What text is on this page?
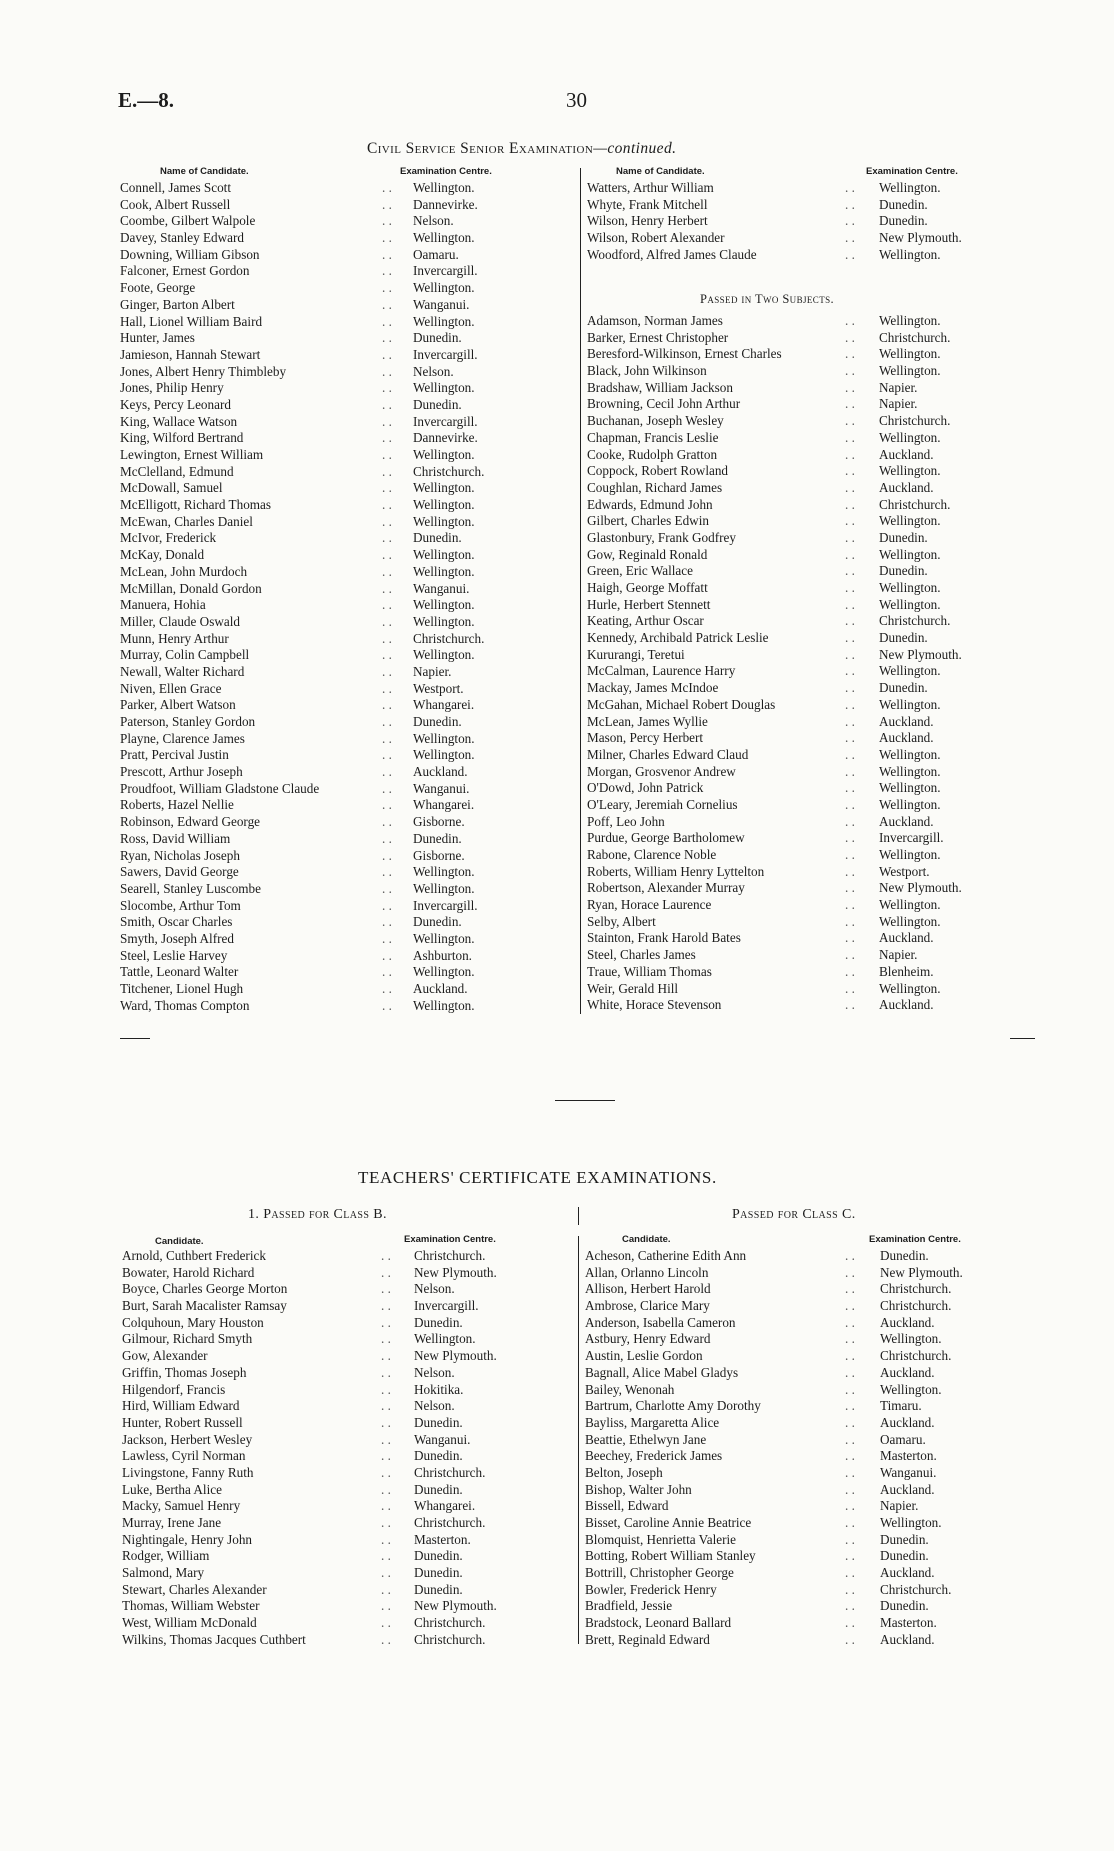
E.—8.	30
Civil Service Senior Examination—continued.
Name of Candidate.	Examination Centre.	Name of Candidate.	Examination Centre.
Connell, James Scott	. . Wellington.
Cook, Albert Russell	. . Dannevirke.
Coombe, Gilbert Walpole	. . Nelson.
Davey, Stanley Edward	. . Wellington.
Downing, William Gibson	. . Oamaru.
Falconer, Ernest Gordon	. . Invercargill.
Foote, George	. . Wellington.
Ginger, Barton Albert	. . Wanganui.
Hall, Lionel William Baird	. . Wellington.
Hunter, James	. . Dunedin.
Jamieson, Hannah Stewart	. . Invercargill.
Jones, Albert Henry Thimbleby	. . Nelson.
Jones, Philip Henry	. . Wellington.
Keys, Percy Leonard	. . Dunedin.
King, Wallace Watson	. . Invercargill.
King, Wilford Bertrand	. . Dannevirke.
Lewington, Ernest William	. . Wellington.
McClelland, Edmund	. . Christchurch.
McDowall, Samuel	. . Wellington.
McElligott, Richard Thomas	. . Wellington.
McEwan, Charles Daniel	. . Wellington.
McIvor, Frederick	. . Dunedin.
McKay, Donald	. . Wellington.
McLean, John Murdoch	. . Wellington.
McMillan, Donald Gordon	. . Wanganui.
Manuera, Hohia	. . Wellington.
Miller, Claude Oswald	. . Wellington.
Munn, Henry Arthur	. . Christchurch.
Murray, Colin Campbell	. . Wellington.
Newall, Walter Richard	. . Napier.
Niven, Ellen Grace	. . Westport.
Parker, Albert Watson	. . Whangarei.
Paterson, Stanley Gordon	. . Dunedin.
Playne, Clarence James	. . Wellington.
Pratt, Percival Justin	. . Wellington.
Prescott, Arthur Joseph	. . Auckland.
Proudfoot, William Gladstone Claude	. . Wanganui.
Roberts, Hazel Nellie	. . Whangarei.
Robinson, Edward George	. . Gisborne.
Ross, David William	. . Dunedin.
Ryan, Nicholas Joseph	. . Gisborne.
Sawers, David George	. . Wellington.
Searell, Stanley Luscombe	. . Wellington.
Slocombe, Arthur Tom	. . Invercargill.
Smith, Oscar Charles	. . Dunedin.
Smyth, Joseph Alfred	. . Wellington.
Steel, Leslie Harvey	. . Ashburton.
Tattle, Leonard Walter	. . Wellington.
Titchener, Lionel Hugh	. . Auckland.
Ward, Thomas Compton	. . Wellington.
Watters, Arthur William	. . Wellington.
Whyte, Frank Mitchell	. . Dunedin.
Wilson, Henry Herbert	. . Dunedin.
Wilson, Robert Alexander	. . New Plymouth.
Woodford, Alfred James Claude	. . Wellington.
Passed in Two Subjects.
Adamson, Norman James	. . Wellington.
Barker, Ernest Christopher	. . Christchurch.
Beresford-Wilkinson, Ernest Charles	. . Wellington.
Black, John Wilkinson	. . Wellington.
Bradshaw, William Jackson	. . Napier.
Browning, Cecil John Arthur	. . Napier.
Buchanan, Joseph Wesley	. . Christchurch.
Chapman, Francis Leslie	. . Wellington.
Cooke, Rudolph Gratton	. . Auckland.
Coppock, Robert Rowland	. . Wellington.
Coughlan, Richard James	. . Auckland.
Edwards, Edmund John	. . Christchurch.
Gilbert, Charles Edwin	. . Wellington.
Glastonbury, Frank Godfrey	. . Dunedin.
Gow, Reginald Ronald	. . Wellington.
Green, Eric Wallace	. . Dunedin.
Haigh, George Moffatt	. . Wellington.
Hurle, Herbert Stennett	. . Wellington.
Keating, Arthur Oscar	. . Christchurch.
Kennedy, Archibald Patrick Leslie	. . Dunedin.
Kururangi, Teretui	. . New Plymouth.
McCalman, Laurence Harry	. . Wellington.
Mackay, James McIndoe	. . Dunedin.
McGahan, Michael Robert Douglas	. . Wellington.
McLean, James Wyllie	. . Auckland.
Mason, Percy Herbert	. . Auckland.
Milner, Charles Edward Claud	. . Wellington.
Morgan, Grosvenor Andrew	. . Wellington.
O'Dowd, John Patrick	. . Wellington.
O'Leary, Jeremiah Cornelius	. . Wellington.
Poff, Leo John	. . Auckland.
Purdue, George Bartholomew	. . Invercargill.
Rabone, Clarence Noble	. . Wellington.
Roberts, William Henry Lyttelton	. . Westport.
Robertson, Alexander Murray	. . New Plymouth.
Ryan, Horace Laurence	. . Wellington.
Selby, Albert	. . Wellington.
Stainton, Frank Harold Bates	. . Auckland.
Steel, Charles James	. . Napier.
Traue, William Thomas	. . Blenheim.
Weir, Gerald Hill	. . Wellington.
White, Horace Stevenson	. . Auckland.
TEACHERS' CERTIFICATE EXAMINATIONS.
1. Passed for Class B.	Passed for Class C.
Candidate.	Examination Centre.	Candidate.	Examination Centre.
Arnold, Cuthbert Frederick	. . Christchurch.
Bowater, Harold Richard	. . New Plymouth.
Boyce, Charles George Morton	. . Nelson.
Burt, Sarah Macalister Ramsay	. . Invercargill.
Colquhoun, Mary Houston	. . Dunedin.
Gilmour, Richard Smyth	. . Wellington.
Gow, Alexander	. . New Plymouth.
Griffin, Thomas Joseph	. . Nelson.
Hilgendorf, Francis	. . Hokitika.
Hird, William Edward	. . Nelson.
Hunter, Robert Russell	. . Dunedin.
Jackson, Herbert Wesley	. . Wanganui.
Lawless, Cyril Norman	. . Dunedin.
Livingstone, Fanny Ruth	. . Christchurch.
Luke, Bertha Alice	. . Dunedin.
Macky, Samuel Henry	. . Whangarei.
Murray, Irene Jane	. . Christchurch.
Nightingale, Henry John	. . Masterton.
Rodger, William	. . Dunedin.
Salmond, Mary	. . Dunedin.
Stewart, Charles Alexander	. . Dunedin.
Thomas, William Webster	. . New Plymouth.
West, William McDonald	. . Christchurch.
Wilkins, Thomas Jacques Cuthbert	. . Christchurch.
Acheson, Catherine Edith Ann	. . Dunedin.
Allan, Orlanno Lincoln	. . New Plymouth.
Allison, Herbert Harold	. . Christchurch.
Ambrose, Clarice Mary	. . Christchurch.
Anderson, Isabella Cameron	. . Auckland.
Astbury, Henry Edward	. . Wellington.
Austin, Leslie Gordon	. . Christchurch.
Bagnall, Alice Mabel Gladys	. . Auckland.
Bailey, Wenonah	. . Wellington.
Bartrum, Charlotte Amy Dorothy	. . Timaru.
Bayliss, Margaretta Alice	. . Auckland.
Beattie, Ethelwyn Jane	. . Oamaru.
Beechey, Frederick James	. . Masterton.
Belton, Joseph	. . Wanganui.
Bishop, Walter John	. . Auckland.
Bissell, Edward	. . Napier.
Bisset, Caroline Annie Beatrice	. . Wellington.
Blomquist, Henrietta Valerie	. . Dunedin.
Botting, Robert William Stanley	. . Dunedin.
Bottrill, Christopher George	. . Auckland.
Bowler, Frederick Henry	. . Christchurch.
Bradfield, Jessie	. . Dunedin.
Bradstock, Leonard Ballard	. . Masterton.
Brett, Reginald Edward	. . Auckland.
